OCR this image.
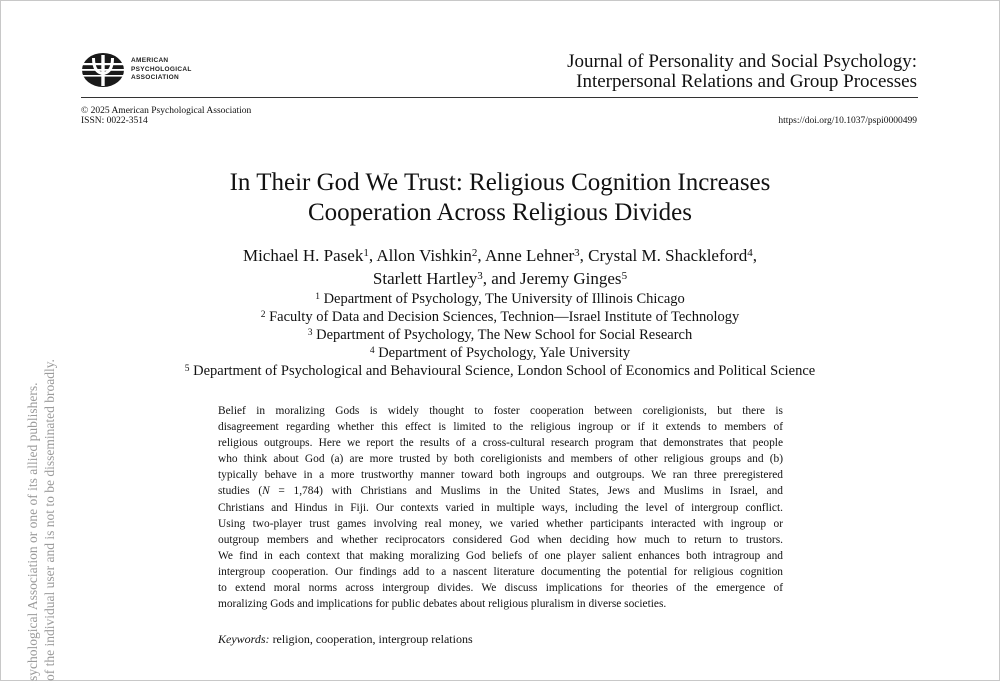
sychological Association or one of its allied publishers. of the individual user and is not to be disseminated broadly.
AMERICAN
PSYCHOLOGICAL
ASSOCIATION
Journal of Personality and Social Psychology:
Interpersonal Relations and Group Processes
© 2025 American Psychological Association
ISSN: 0022-3514	https://doi.org/10.1037/pspi0000499
In Their God We Trust: Religious Cognition Increases
Cooperation Across Religious Divides
Michael H. Pasek$^1$, Allon Vishkin$^2$, Anne Lehner$^3$, Crystal M. Shackleford$^4$,
Starlett Hartley$^3$, and Jeremy Ginges$^5$
$^1$ Department of Psychology, The University of Illinois Chicago
$^2$ Faculty of Data and Decision Sciences, Technion—Israel Institute of Technology
$^3$ Department of Psychology, The New School for Social Research
$^4$ Department of Psychology, Yale University
$^5$ Department of Psychological and Behavioural Science, London School of Economics and Political Science
Belief in moralizing Gods is widely thought to foster cooperation between coreligionists, but there is
disagreement regarding whether this effect is limited to the religious ingroup or if it extends to members of
religious outgroups. Here we report the results of a cross-cultural research program that demonstrates that people
who think about God (a) are more trusted by both coreligionists and members of other religious groups and (b)
typically behave in a more trustworthy manner toward both ingroups and outgroups. We ran three preregistered
studies (N = 1,784) with Christians and Muslims in the United States, Jews and Muslims in Israel, and
Christians and Hindus in Fiji. Our contexts varied in multiple ways, including the level of intergroup conflict.
Using two-player trust games involving real money, we varied whether participants interacted with ingroup or
outgroup members and whether reciprocators considered God when deciding how much to return to trustors.
We find in each context that making moralizing God beliefs of one player salient enhances both intragroup and
intergroup cooperation. Our findings add to a nascent literature documenting the potential for religious cognition
to extend moral norms across intergroup divides. We discuss implications for theories of the emergence of
moralizing Gods and implications for public debates about religious pluralism in diverse societies.
Keywords: religion, cooperation, intergroup relations
